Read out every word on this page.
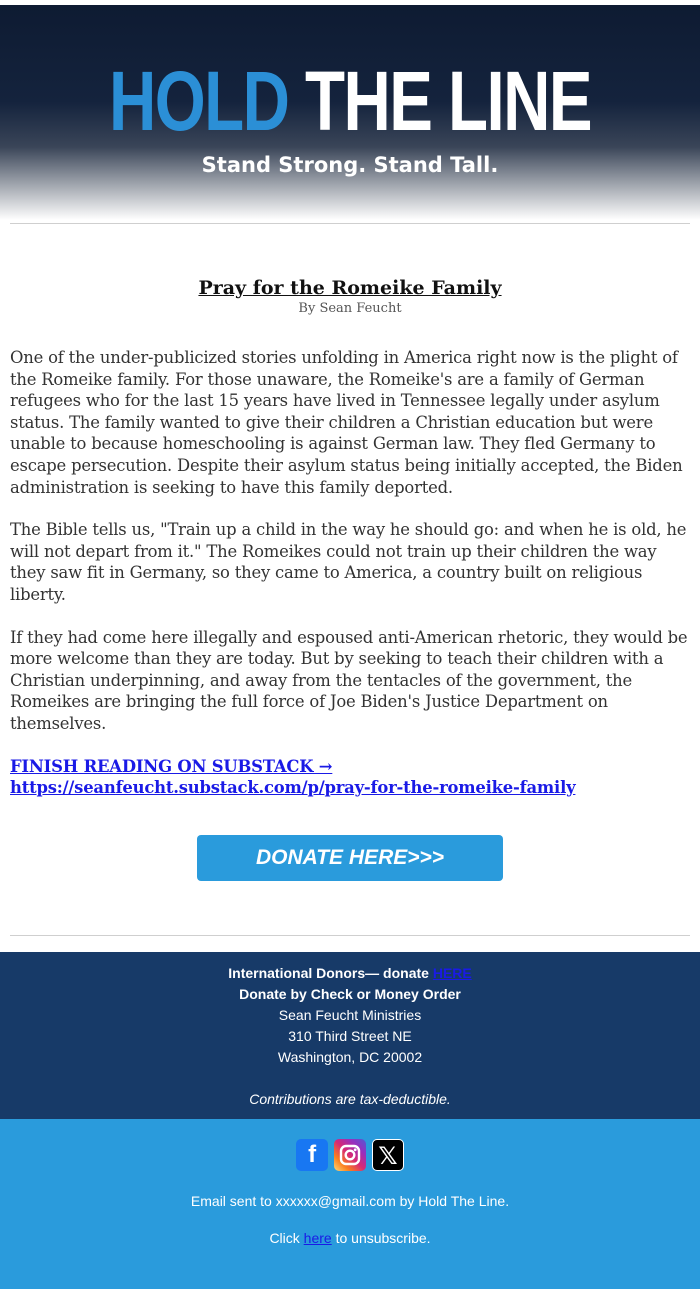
HOLD THE LINE
Stand Strong. Stand Tall.
Pray for the Romeike Family
By Sean Feucht

One of the under-publicized stories unfolding in America right now is the plight of the Romeike family. For those unaware, the Romeike's are a family of German refugees who for the last 15 years have lived in Tennessee legally under asylum status. The family wanted to give their children a Christian education but were unable to because homeschooling is against German law. They fled Germany to escape persecution. Despite their asylum status being initially accepted, the Biden administration is seeking to have this family deported.

The Bible tells us, "Train up a child in the way he should go: and when he is old, he will not depart from it." The Romeikes could not train up their children the way they saw fit in Germany, so they came to America, a country built on religious liberty.

If they had come here illegally and espoused anti-American rhetoric, they would be more welcome than they are today. But by seeking to teach their children with a Christian underpinning, and away from the tentacles of the government, the Romeikes are bringing the full force of Joe Biden's Justice Department on themselves.

FINISH READING ON SUBSTACK → https://seanfeucht.substack.com/p/pray-for-the-romeike-family
DONATE HERE>>>
International Donors— donate HERE
Donate by Check or Money Order
Sean Feucht Ministries
310 Third Street NE
Washington, DC 20002
Contributions are tax-deductible.
f	𝕏
Email sent to xxxxxx@gmail.com by Hold The Line.
Click here to unsubscribe.
